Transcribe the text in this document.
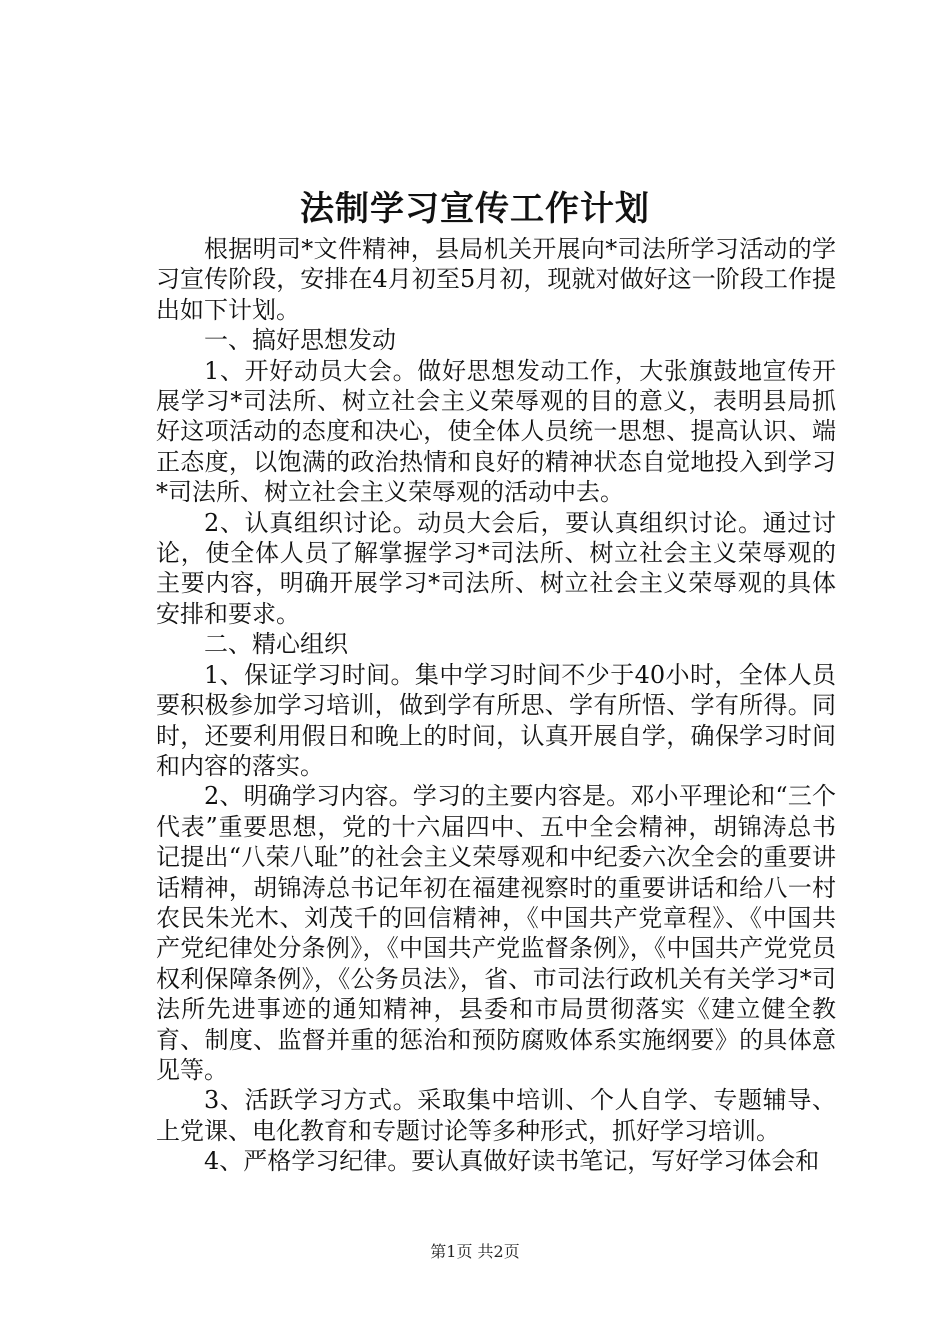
法制学习宣传工作计划

根据明司*文件精神，县局机关开展向*司法所学习活动的学习宣传阶段，安排在4月初至5月初，现就对做好这一阶段工作提出如下计划。

一、搞好思想发动

1、开好动员大会。做好思想发动工作，大张旗鼓地宣传开展学习*司法所、树立社会主义荣辱观的目的意义，表明县局抓好这项活动的态度和决心，使全体人员统一思想、提高认识、端正态度，以饱满的政治热情和良好的精神状态自觉地投入到学习*司法所、树立社会主义荣辱观的活动中去。

2、认真组织讨论。动员大会后，要认真组织讨论。通过讨论，使全体人员了解掌握学习*司法所、树立社会主义荣辱观的主要内容，明确开展学习*司法所、树立社会主义荣辱观的具体安排和要求。

二、精心组织

1、保证学习时间。集中学习时间不少于40小时，全体人员要积极参加学习培训，做到学有所思、学有所悟、学有所得。同时，还要利用假日和晚上的时间，认真开展自学，确保学习时间和内容的落实。

2、明确学习内容。学习的主要内容是。邓小平理论和“三个代表”重要思想，党的十六届四中、五中全会精神，胡锦涛总书记提出“八荣八耻”的社会主义荣辱观和中纪委六次全会的重要讲话精神，胡锦涛总书记年初在福建视察时的重要讲话和给八一村农民朱光木、刘茂千的回信精神，《中国共产党章程》、《中国共产党纪律处分条例》，《中国共产党监督条例》，《中国共产党党员权利保障条例》，《公务员法》，省、市司法行政机关有关学习*司法所先进事迹的通知精神，县委和市局贯彻落实《建立健全教育、制度、监督并重的惩治和预防腐败体系实施纲要》的具体意见等。

3、活跃学习方式。采取集中培训、个人自学、专题辅导、上党课、电化教育和专题讨论等多种形式，抓好学习培训。

4、严格学习纪律。要认真做好读书笔记，写好学习体会和

第1页 共2页
